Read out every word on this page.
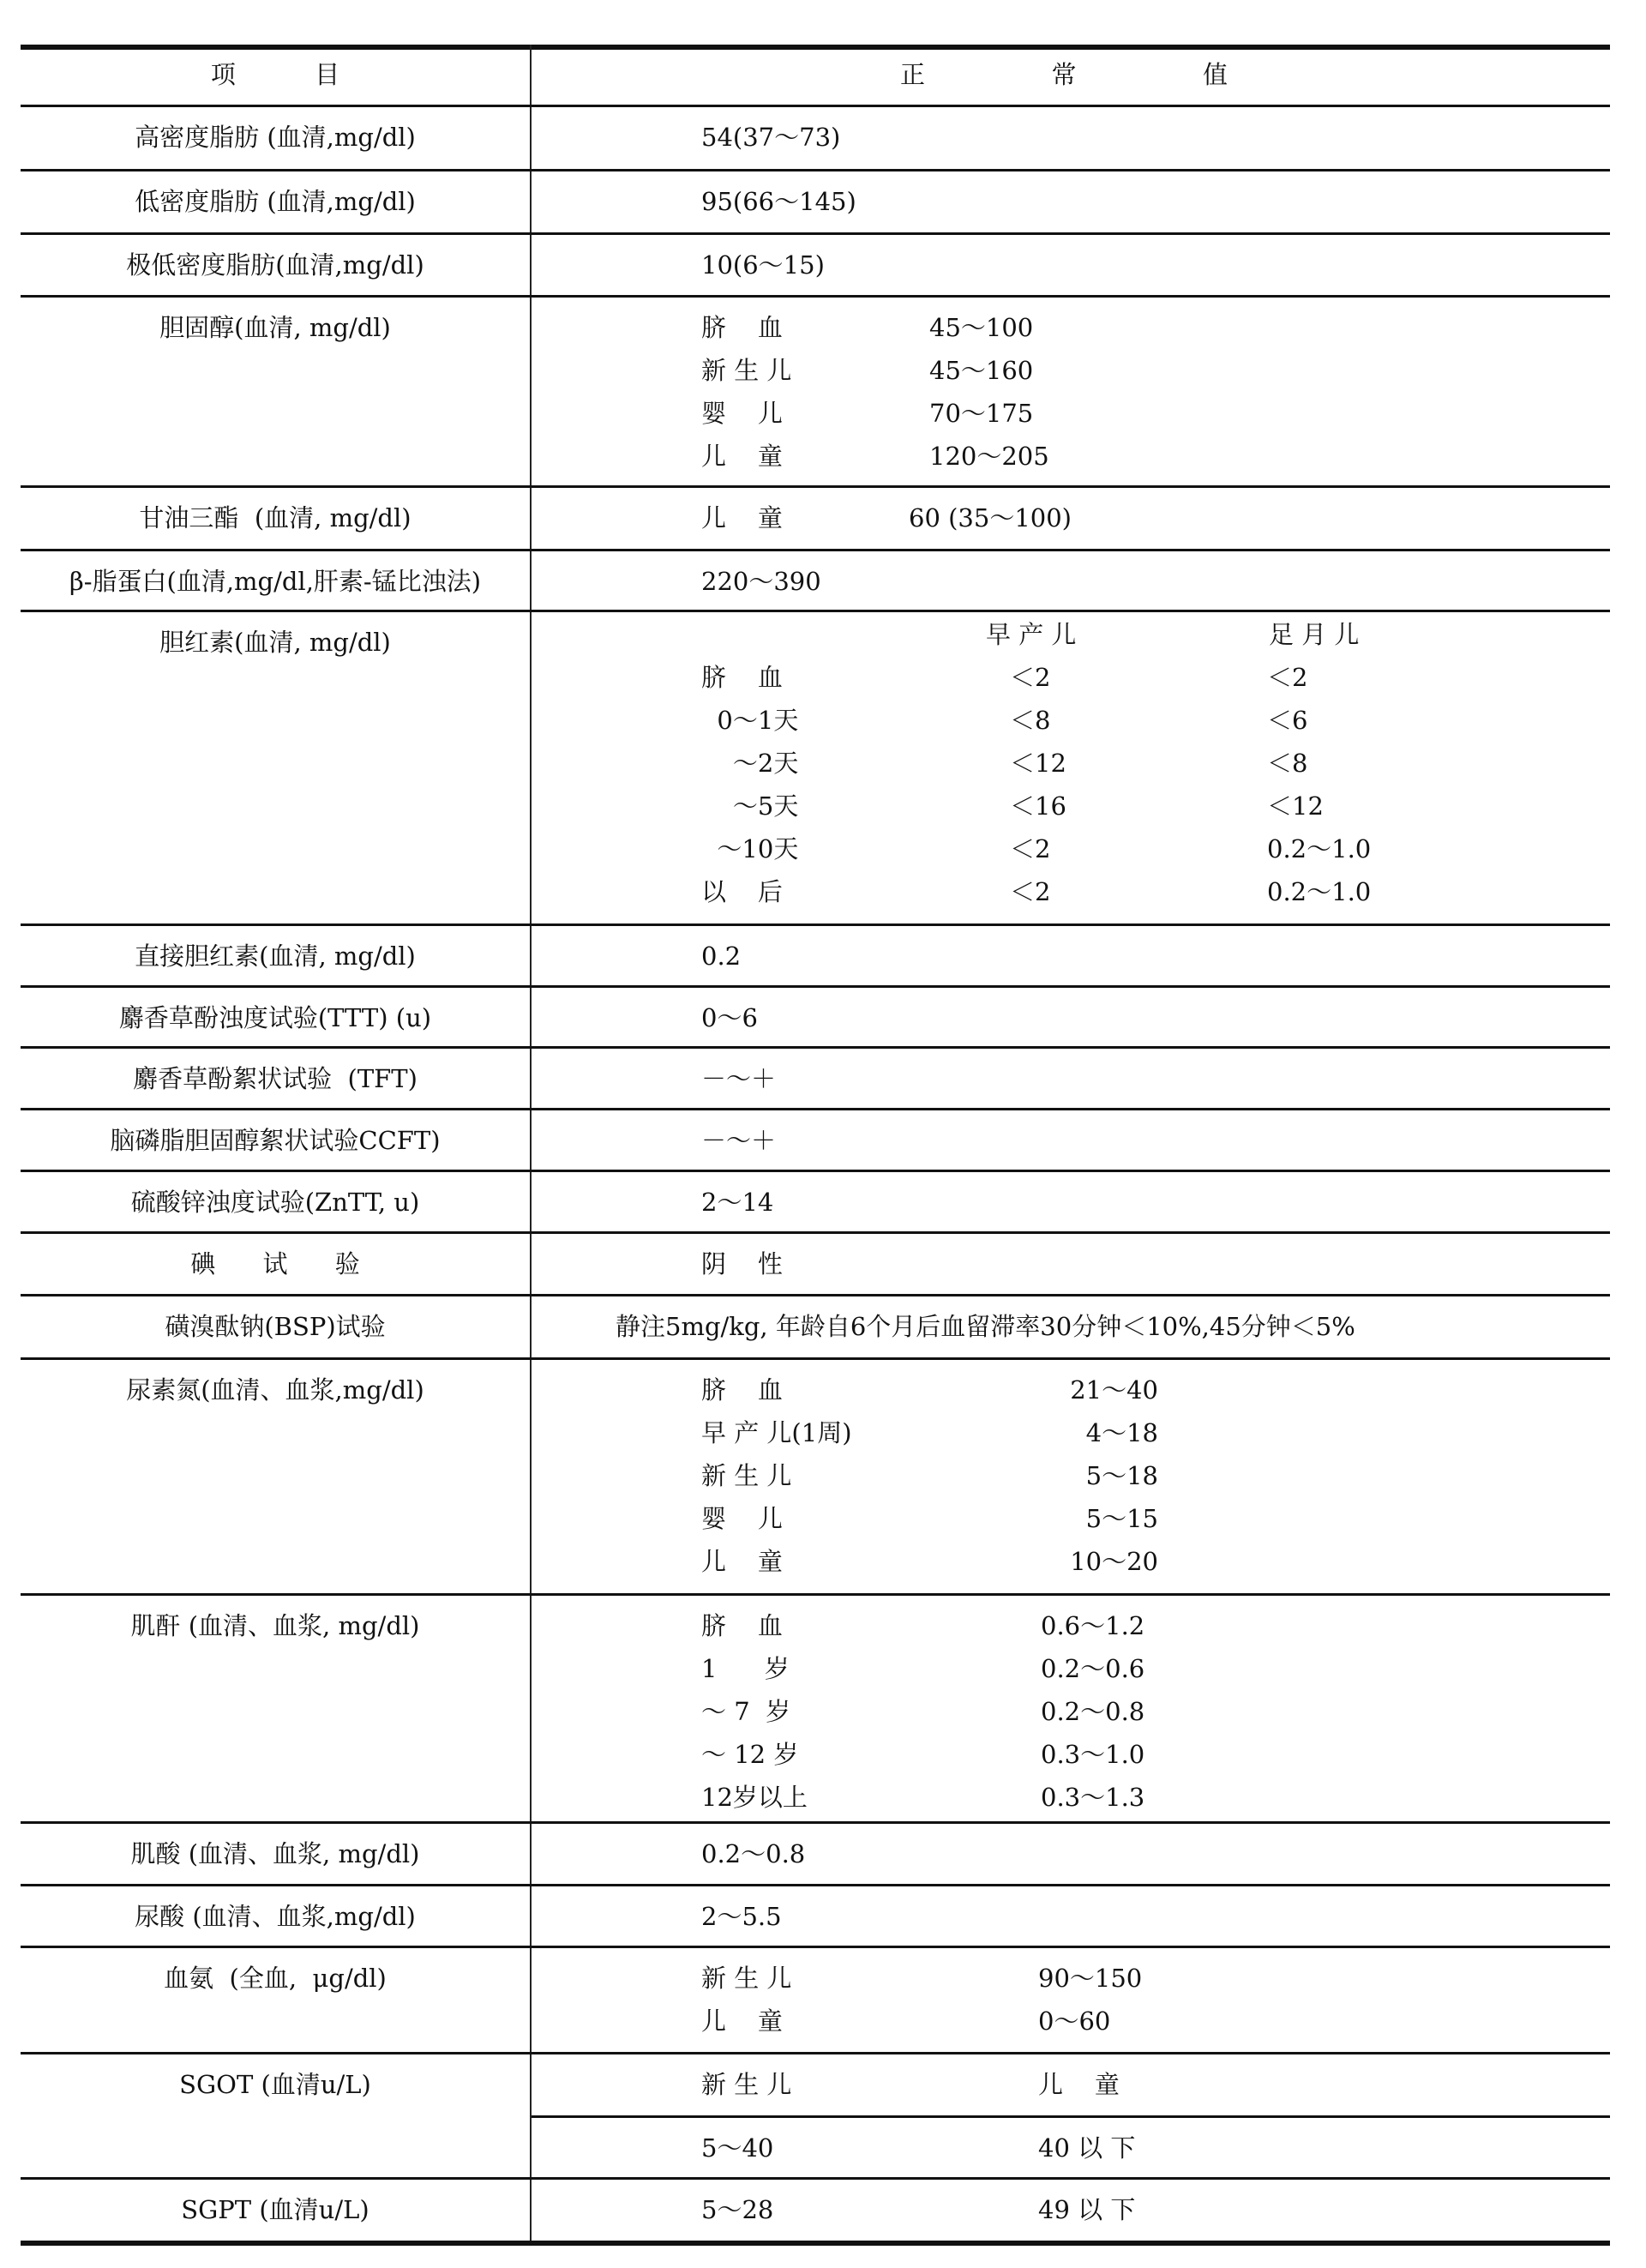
项          目	正                常                值
高密度脂肪 (血清,mg/dl)	54(37～73)
低密度脂肪 (血清,mg/dl)	95(66～145)
极低密度脂肪(血清,mg/dl)	10(6～15)
胆固醇(血清, mg/dl)	脐    血	45～100
新 生 儿	45～160
婴    儿	70～175
儿    童	120～205
甘油三酯  (血清, mg/dl)	儿    童	60 (35～100)
β-脂蛋白(血清,mg/dl,肝素-锰比浊法)	220～390
胆红素(血清, mg/dl)	早 产 儿	足 月 儿
脐    血	＜2	＜2
0～1天	＜8	＜6
～2天	＜12	＜8
～5天	＜16	＜12
～10天	＜2	0.2～1.0
以    后	＜2	0.2～1.0
直接胆红素(血清, mg/dl)	0.2
麝香草酚浊度试验(TTT) (u)	0～6
麝香草酚絮状试验  (TFT)	－～＋
脑磷脂胆固醇絮状试验CCFT)	－～＋
硫酸锌浊度试验(ZnTT, u)	2～14
碘      试      验	阴    性
磺溴酞钠(BSP)试验	静注5mg/kg, 年龄自6个月后血留滞率30分钟＜10%,45分钟＜5%
尿素氮(血清、血浆,mg/dl)	脐    血	21～40
早 产 儿(1周)	4～18
新 生 儿	5～18
婴    儿	5～15
儿    童	10～20
肌酐 (血清、血浆, mg/dl)	脐    血	0.6～1.2
1      岁	0.2～0.6
～ 7  岁	0.2～0.8
～ 12 岁	0.3～1.0
12岁以上	0.3～1.3
肌酸 (血清、血浆, mg/dl)	0.2～0.8
尿酸 (血清、血浆,mg/dl)	2～5.5
血氨  (全血,  μg/dl)	新 生 儿	90～150
儿    童	0～60
SGOT (血清u/L)	新 生 儿	儿    童
5～40	40 以 下
SGPT (血清u/L)	5～28	49 以 下
